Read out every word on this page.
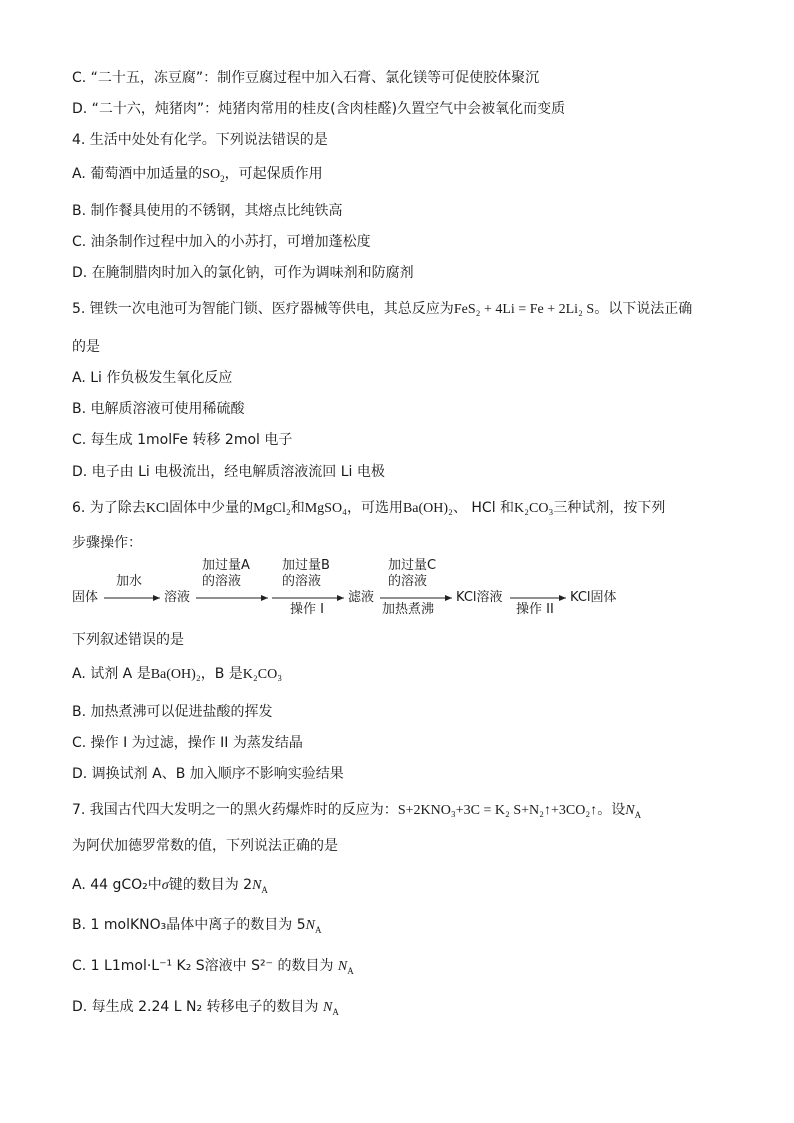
C. “二十五，冻豆腐”：制作豆腐过程中加入石膏、氯化镁等可促使胶体聚沉
D. “二十六，炖猪肉”：炖猪肉常用的桂皮(含肉桂醛)久置空气中会被氧化而变质
4. 生活中处处有化学。下列说法错误的是
A. 葡萄酒中加适量的$SO_2$，可起保质作用
B. 制作餐具使用的不锈钢，其熔点比纯铁高
C. 油条制作过程中加入的小苏打，可增加蓬松度
D. 在腌制腊肉时加入的氯化钠，可作为调味剂和防腐剂
5. 锂铁一次电池可为智能门锁、医疗器械等供电，其总反应为FeS₂ + 4Li = Fe + 2Li₂ S。以下说法正确
的是
A. Li 作负极发生氧化反应
B. 电解质溶液可使用稀硫酸
C. 每生成 1molFe 转移 2mol 电子
D. 电子由 Li 电极流出，经电解质溶液流回 Li 电极
6. 为了除去KCl固体中少量的MgCl₂和MgSO₄，可选用Ba(OH)₂、 HCl 和K₂CO₃三种试剂，按下列
步骤操作：
固体
加水
溶液
加过量A
的溶液
加过量B
的溶液
操作 I
滤液
加过量C
的溶液
加热煮沸
KCl溶液
操作 II
KCl固体
下列叙述错误的是
A. 试剂 A 是Ba(OH)₂，B 是K₂CO₃
B. 加热煮沸可以促进盐酸的挥发
C. 操作 I 为过滤，操作 II 为蒸发结晶
D. 调换试剂 A、B 加入顺序不影响实验结果
7. 我国古代四大发明之一的黑火药爆炸时的反应为：S+2KNO₃+3C = K₂ S+N₂↑+3CO₂↑。设$N_A$
为阿伏加德罗常数的值，下列说法正确的是
A. 44 gCO₂中σ键的数目为 $2N_A$
B. 1 molKNO₃晶体中离子的数目为 $5N_A$
C. 1 L1mol·L⁻¹ K₂ S溶液中 S²⁻ 的数目为 $N_A$
D. 每生成 2.24 L N₂ 转移电子的数目为 $N_A$
